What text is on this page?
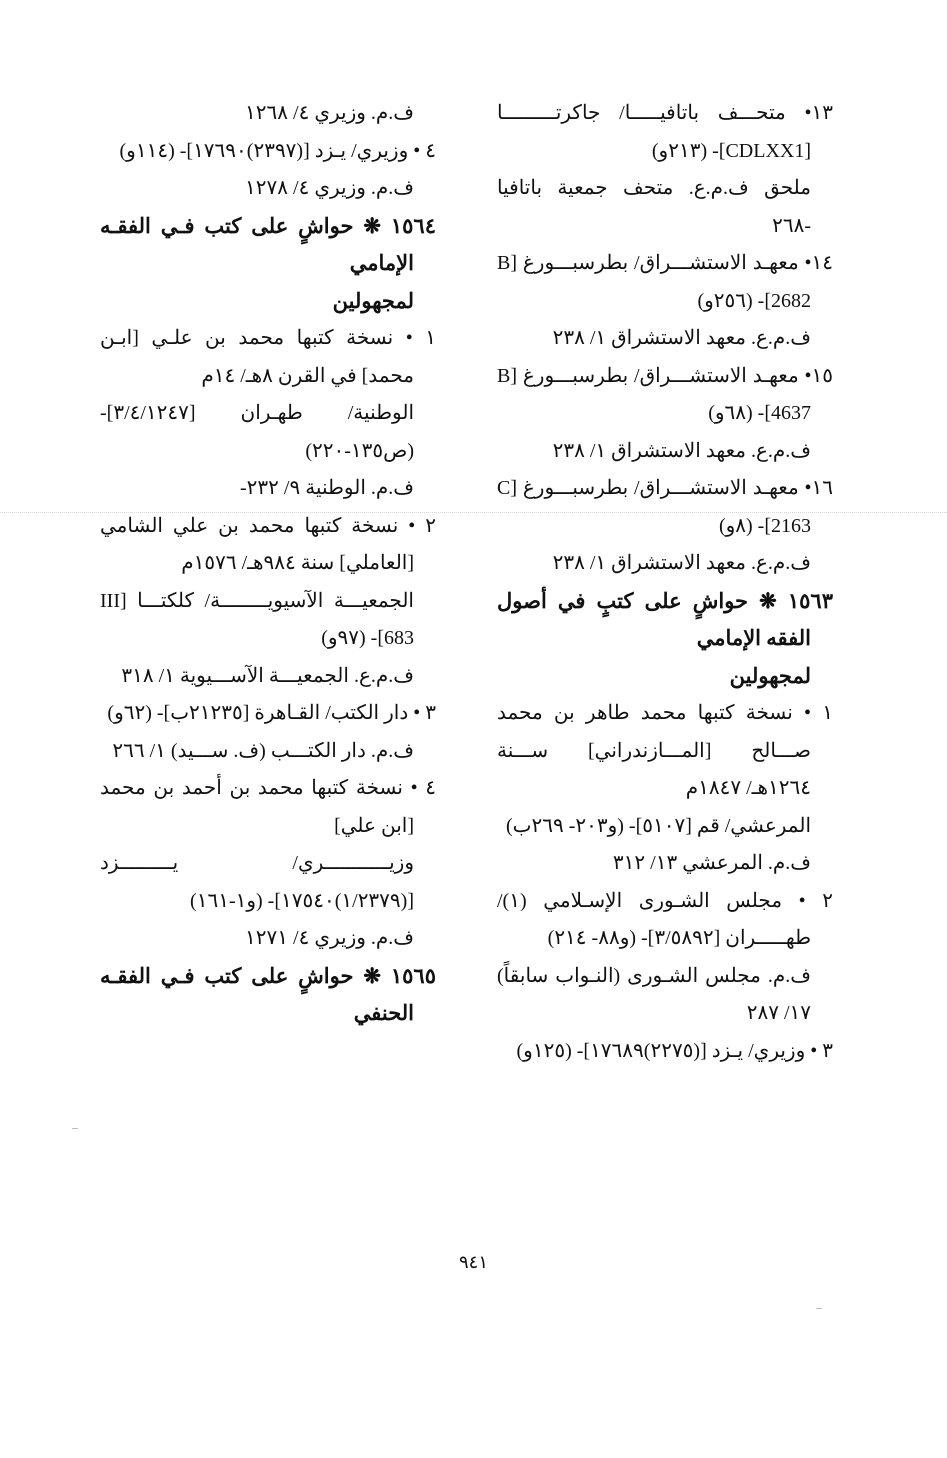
١٣• متحـــف باتافيـــــا/ جاكرتـــــــــا [CDLXX1]- (٢١٣و)

ملحق ف.م.ع. متحف جمعية باتافيا -٢٦٨

١٤• معهـد الاستشـــراق/ بطرسبـــورغ [B 2682]- (٢٥٦و)

ف.م.ع. معهد الاستشراق ١/ ٢٣٨

١٥• معهـد الاستشـــراق/ بطرسبـــورغ [B 4637]- (٦٨و)

ف.م.ع. معهد الاستشراق ١/ ٢٣٨

١٦• معهـد الاستشـــراق/ بطرسبـــورغ [C 2163]- (٨و)

ف.م.ع. معهد الاستشراق ١/ ٢٣٨

١٥٦٣ ❋ حواشٍ على كتبٍ في أصول الفقه الإمامي

لمجهولين

١ • نسخة كتبها محمد طاهر بن محمد صـــالح [المـــازندراني] ســـنة ١٢٦٤هـ/ ١٨٤٧م

المرعشي/ قم [٥١٠٧]- (و٢٠٣- ٢٦٩ب)

ف.م. المرعشي ١٣/ ٣١٢

٢ • مجلس الشـورى الإسـلامي (١)/ طهـــــران [٣/٥٨٩٢]- (و٨٨- ٢١٤)

ف.م. مجلس الشـورى (النـواب سابقاً) ١٧/ ٢٨٧

٣ • وزيري/ يـزد [(٢٢٧٥)١٧٦٨٩]- (١٢٥و)

ف.م. وزيري ٤/ ١٢٦٨

٤ • وزيري/ يـزد [(٢٣٩٧)١٧٦٩٠]- (١١٤و)

ف.م. وزيري ٤/ ١٢٧٨

١٥٦٤ ❋ حواشٍ على كتب فـي الفقـه الإمامي

لمجهولين

١ • نسخة كتبها محمد بن علـي [ابـن محمد] في القرن ٨هـ/ ١٤م

الوطنية/ طهـران [٣/٤/١٢٤٧]- (ص١٣٥-٢٢٠)

ف.م. الوطنية ٩/ ٢٣٢-

٢ • نسخة كتبها محمد بن علي الشامي [العاملي] سنة ٩٨٤هـ/ ١٥٧٦م

الجمعيـــة الآسيويــــــــة/ كلكتـــا [III 683]- (٩٧و)

ف.م.ع. الجمعيـــة الآســـيوية ١/ ٣١٨

٣ • دار الكتب/ القـاهرة [٢١٢٣٥ب]- (٦٢و)

ف.م. دار الكتـــب (ف. ســـيد) ١/ ٢٦٦

٤ • نسخة كتبها محمد بن أحمد بن محمد [ابن علي]

وزيـــــــــــري/ يـــــــــزد [(١/٢٣٧٩)١٧٥٤٠]- (و١-١٦١)

ف.م. وزيري ٤/ ١٢٧١

١٥٦٥ ❋ حواشٍ على كتب فـي الفقـه الحنفي

٩٤١
